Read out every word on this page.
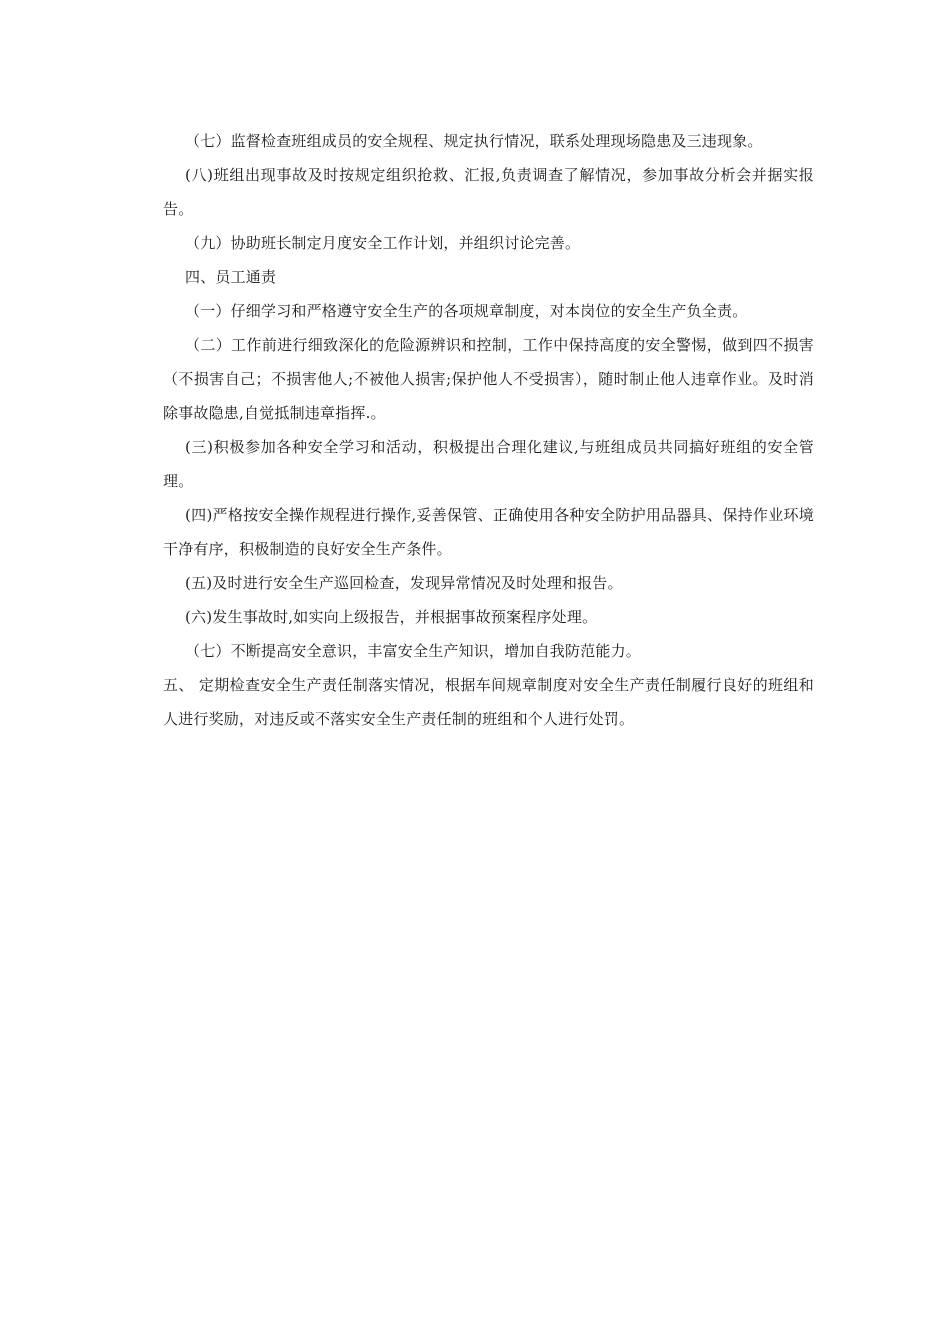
（七）监督检查班组成员的安全规程、规定执行情况，联系处理现场隐患及三违现象。

(八)班组出现事故及时按规定组织抢救、汇报,负责调查了解情况，参加事故分析会并据实报告。

（九）协助班长制定月度安全工作计划，并组织讨论完善。

四、员工通责

（一）仔细学习和严格遵守安全生产的各项规章制度，对本岗位的安全生产负全责。

（二）工作前进行细致深化的危险源辨识和控制，工作中保持高度的安全警惕，做到四不损害（不损害自己；不损害他人;不被他人损害;保护他人不受损害），随时制止他人违章作业。及时消除事故隐患,自觉抵制违章指挥.。

(三)积极参加各种安全学习和活动，积极提出合理化建议,与班组成员共同搞好班组的安全管理。

(四)严格按安全操作规程进行操作,妥善保管、正确使用各种安全防护用品器具、保持作业环境干净有序，积极制造的良好安全生产条件。

(五)及时进行安全生产巡回检查，发现异常情况及时处理和报告。

(六)发生事故时,如实向上级报告，并根据事故预案程序处理。

（七）不断提高安全意识，丰富安全生产知识，增加自我防范能力。

五、 定期检查安全生产责任制落实情况，根据车间规章制度对安全生产责任制履行良好的班组和人进行奖励，对违反或不落实安全生产责任制的班组和个人进行处罚。
